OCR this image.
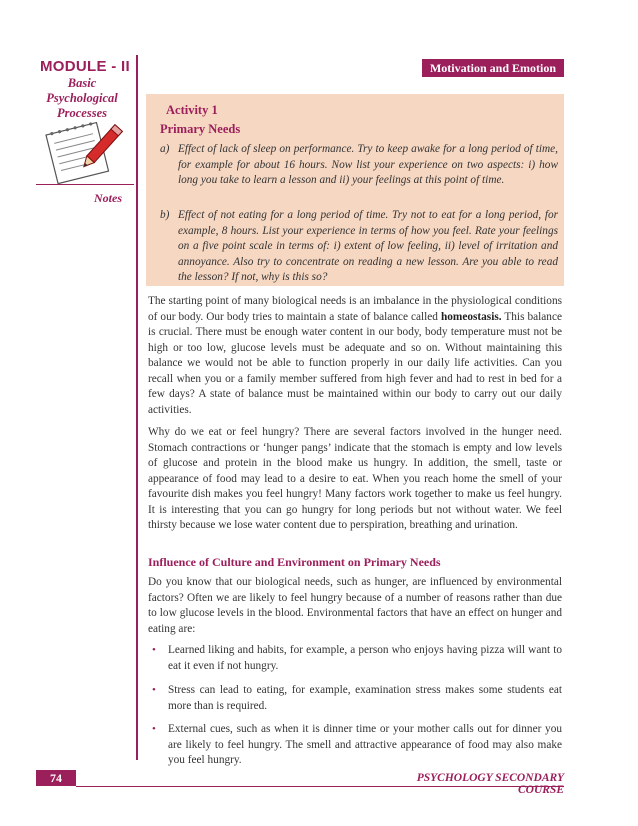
MODULE - II
Basic
Psychological
Processes
Notes
Motivation and Emotion
Activity 1
Primary Needs
a) Effect of lack of sleep on performance. Try to keep awake for a long period of time, for example for about 16 hours. Now list your experience on two aspects: i) how long you take to learn a lesson and ii) your feelings at this point of time.
b) Effect of not eating for a long period of time. Try not to eat for a long period, for example, 8 hours. List your experience in terms of how you feel. Rate your feelings on a five point scale in terms of: i) extent of low feeling, ii) level of irritation and annoyance. Also try to concentrate on reading a new lesson. Are you able to read the lesson? If not, why is this so?
The starting point of many biological needs is an imbalance in the physiological conditions of our body. Our body tries to maintain a state of balance called homeostasis. This balance is crucial. There must be enough water content in our body, body temperature must not be high or too low, glucose levels must be adequate and so on. Without maintaining this balance we would not be able to function properly in our daily life activities. Can you recall when you or a family member suffered from high fever and had to rest in bed for a few days? A state of balance must be maintained within our body to carry out our daily activities.
Why do we eat or feel hungry? There are several factors involved in the hunger need. Stomach contractions or ‘hunger pangs’ indicate that the stomach is empty and low levels of glucose and protein in the blood make us hungry. In addition, the smell, taste or appearance of food may lead to a desire to eat. When you reach home the smell of your favourite dish makes you feel hungry! Many factors work together to make us feel hungry. It is interesting that you can go hungry for long periods but not without water. We feel thirsty because we lose water content due to perspiration, breathing and urination.
Influence of Culture and Environment on Primary Needs
Do you know that our biological needs, such as hunger, are influenced by environmental factors? Often we are likely to feel hungry because of a number of reasons rather than due to low glucose levels in the blood. Environmental factors that have an effect on hunger and eating are:
• Learned liking and habits, for example, a person who enjoys having pizza will want to eat it even if not hungry.
• Stress can lead to eating, for example, examination stress makes some students eat more than is required.
• External cues, such as when it is dinner time or your mother calls out for dinner you are likely to feel hungry. The smell and attractive appearance of food may also make you feel hungry.
74	PSYCHOLOGY SECONDARY COURSE
